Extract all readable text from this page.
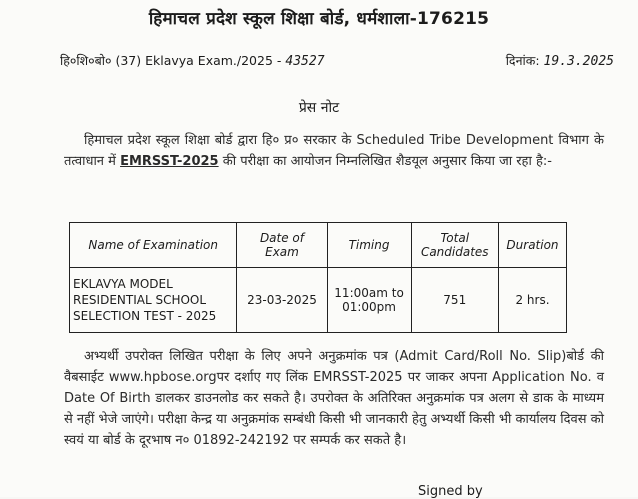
हिमाचल प्रदेश स्कूल शिक्षा बोर्ड, धर्मशाला-176215
हि०शि०बो० (37) Eklavya Exam./2025 - 43527	दिनांक: 19.3.2025
प्रेस नोट
हिमाचल प्रदेश स्कूल शिक्षा बोर्ड द्वारा हि० प्र० सरकार के Scheduled Tribe Development विभाग के तत्वाधान में EMRSST-2025 की परीक्षा का आयोजन निम्नलिखित शैडयूल अनुसार किया जा रहा है:-
Name of Examination	Date of Exam	Timing	Total Candidates	Duration
EKLAVYA MODEL RESIDENTIAL SCHOOL SELECTION TEST - 2025	23-03-2025	11:00am to 01:00pm	751	2 hrs.
अभ्यर्थी उपरोक्त लिखित परीक्षा के लिए अपने अनुक्रमांक पत्र (Admit Card/Roll No. Slip)बोर्ड की वैबसाईट www.hpbose.orgपर दर्शाए गए लिंक EMRSST-2025 पर जाकर अपना Application No. व Date Of Birth डालकर डाउनलोड कर सकते है। उपरोक्त के अतिरिक्त अनुक्रमांक पत्र अलग से डाक के माध्यम से नहीं भेजे जाएंगे। परीक्षा केन्द्र या अनुक्रमांक सम्बंधी किसी भी जानकारी हेतु अभ्यर्थी किसी भी कार्यालय दिवस को स्वयं या बोर्ड के दूरभाष न० 01892-242192 पर सम्पर्क कर सकते है।
Signed by
